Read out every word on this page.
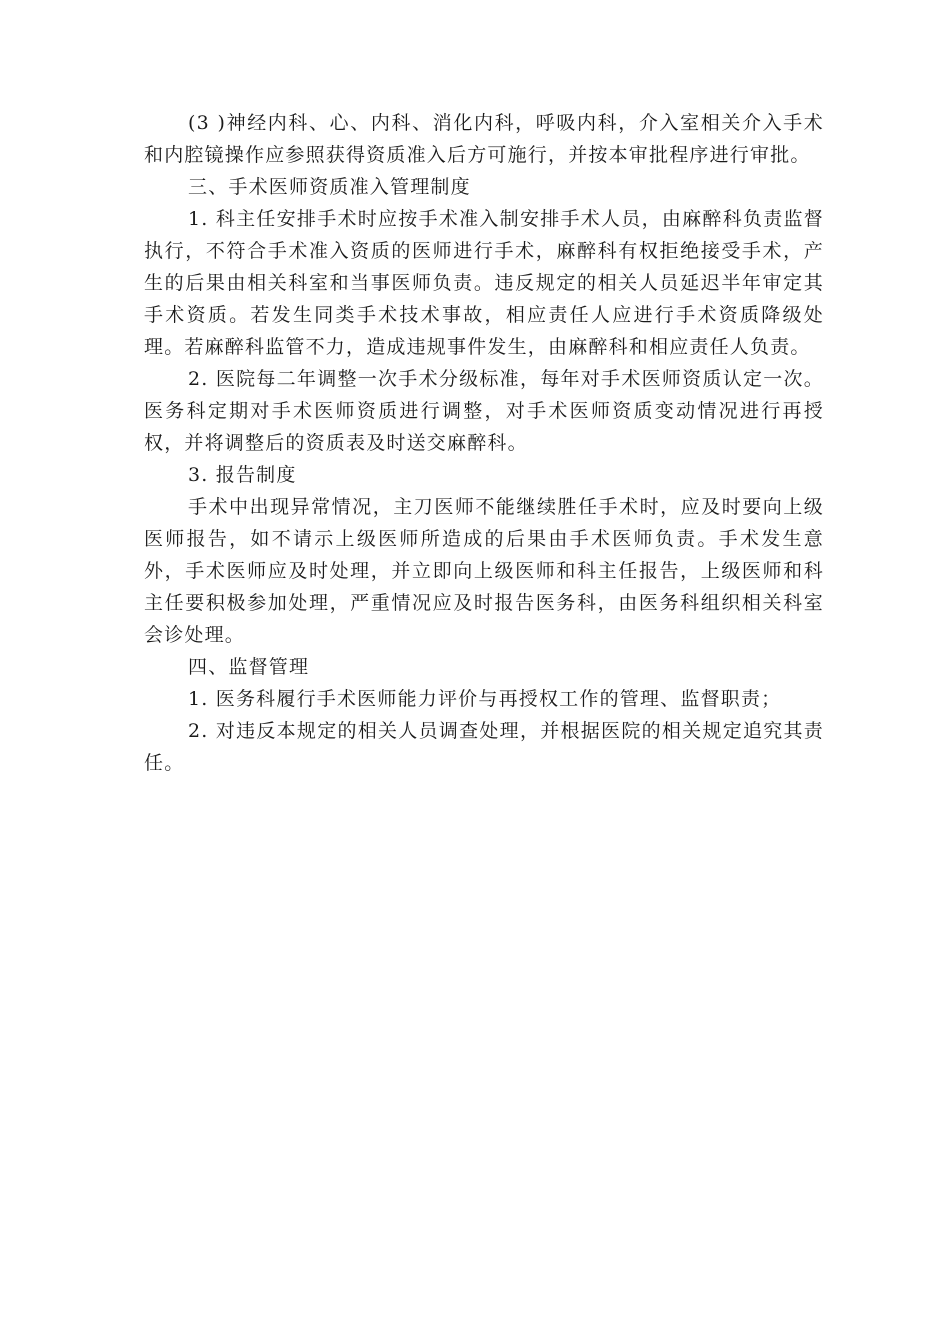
(3 )神经内科、心、内科、消化内科，呼吸内科，介入室相关介入手术和内腔镜操作应参照获得资质准入后方可施行，并按本审批程序进行审批。

三、手术医师资质准入管理制度

1. 科主任安排手术时应按手术准入制安排手术人员，由麻醉科负责监督执行，不符合手术准入资质的医师进行手术，麻醉科有权拒绝接受手术，产生的后果由相关科室和当事医师负责。违反规定的相关人员延迟半年审定其手术资质。若发生同类手术技术事故，相应责任人应进行手术资质降级处理。若麻醉科监管不力，造成违规事件发生，由麻醉科和相应责任人负责。

2. 医院每二年调整一次手术分级标准，每年对手术医师资质认定一次。医务科定期对手术医师资质进行调整，对手术医师资质变动情况进行再授权，并将调整后的资质表及时送交麻醉科。

3. 报告制度

手术中出现异常情况，主刀医师不能继续胜任手术时，应及时要向上级医师报告，如不请示上级医师所造成的后果由手术医师负责。手术发生意外，手术医师应及时处理，并立即向上级医师和科主任报告，上级医师和科主任要积极参加处理，严重情况应及时报告医务科，由医务科组织相关科室会诊处理。

四、监督管理

1. 医务科履行手术医师能力评价与再授权工作的管理、监督职责；

2. 对违反本规定的相关人员调查处理，并根据医院的相关规定追究其责任。
